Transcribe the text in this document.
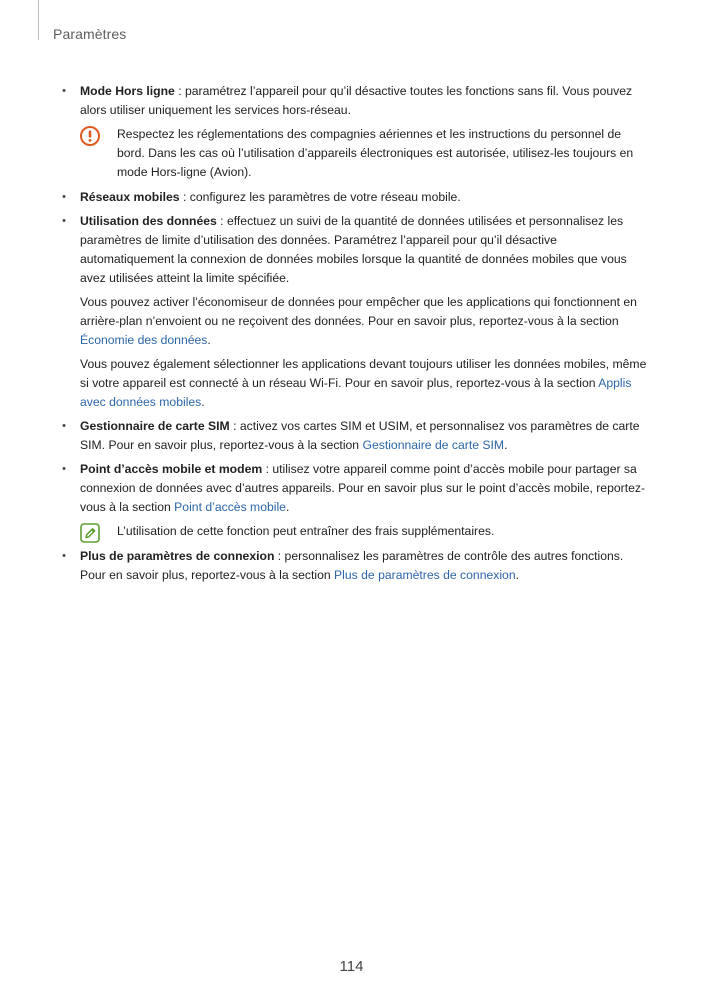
Paramètres
• Mode Hors ligne : paramétrez l’appareil pour qu’il désactive toutes les fonctions sans fil. Vous pouvez alors utiliser uniquement les services hors-réseau.

Respectez les réglementations des compagnies aériennes et les instructions du personnel de bord. Dans les cas où l’utilisation d’appareils électroniques est autorisée, utilisez-les toujours en mode Hors-ligne (Avion).
• Réseaux mobiles : configurez les paramètres de votre réseau mobile.

• Utilisation des données : effectuez un suivi de la quantité de données utilisées et personnalisez les paramètres de limite d’utilisation des données. Paramétrez l’appareil pour qu’il désactive automatiquement la connexion de données mobiles lorsque la quantité de données mobiles que vous avez utilisées atteint la limite spécifiée.

Vous pouvez activer l’économiseur de données pour empêcher que les applications qui fonctionnent en arrière-plan n’envoient ou ne reçoivent des données. Pour en savoir plus, reportez-vous à la section Économie des données.

Vous pouvez également sélectionner les applications devant toujours utiliser les données mobiles, même si votre appareil est connecté à un réseau Wi-Fi. Pour en savoir plus, reportez-vous à la section Applis avec données mobiles.

• Gestionnaire de carte SIM : activez vos cartes SIM et USIM, et personnalisez vos paramètres de carte SIM. Pour en savoir plus, reportez-vous à la section Gestionnaire de carte SIM.

• Point d’accès mobile et modem : utilisez votre appareil comme point d’accès mobile pour partager sa connexion de données avec d’autres appareils. Pour en savoir plus sur le point d’accès mobile, reportez-vous à la section Point d’accès mobile.

L’utilisation de cette fonction peut entraîner des frais supplémentaires.
• Plus de paramètres de connexion : personnalisez les paramètres de contrôle des autres fonctions. Pour en savoir plus, reportez-vous à la section Plus de paramètres de connexion.

114
